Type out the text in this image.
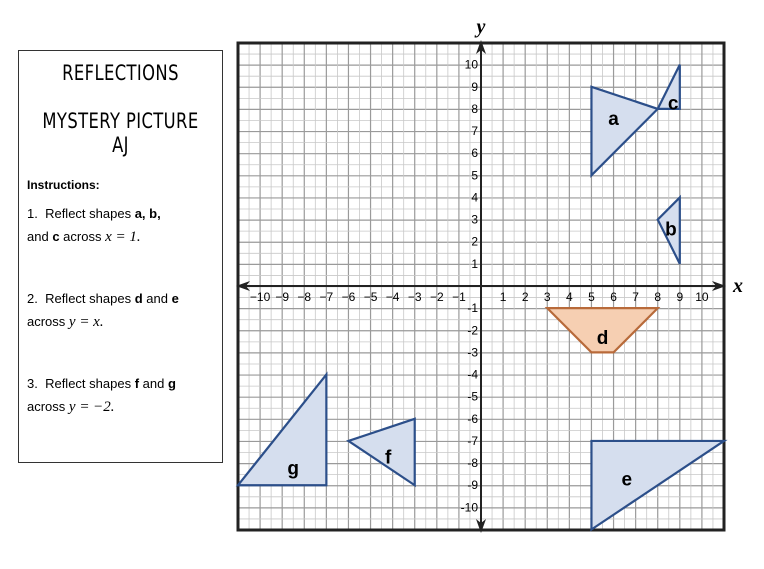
REFLECTIONS
MYSTERY PICTURE AJ
Instructions:
1. Reflect shapes a, b,
and c across x = 1.
2. Reflect shapes d and e
across y = x.
3. Reflect shapes f and g
across y = −2.
a
c
b
d
e
f
g
y
x
−10 −9 −8 −7 −6 −5 −4 −3 −2 −1	1 2 3 4 5 6 7 8 9 10
-10
-9
-8
-7
-6
-5
-4
-3
-2
-1
1
2
3
4
5
6
7
8
9
10
